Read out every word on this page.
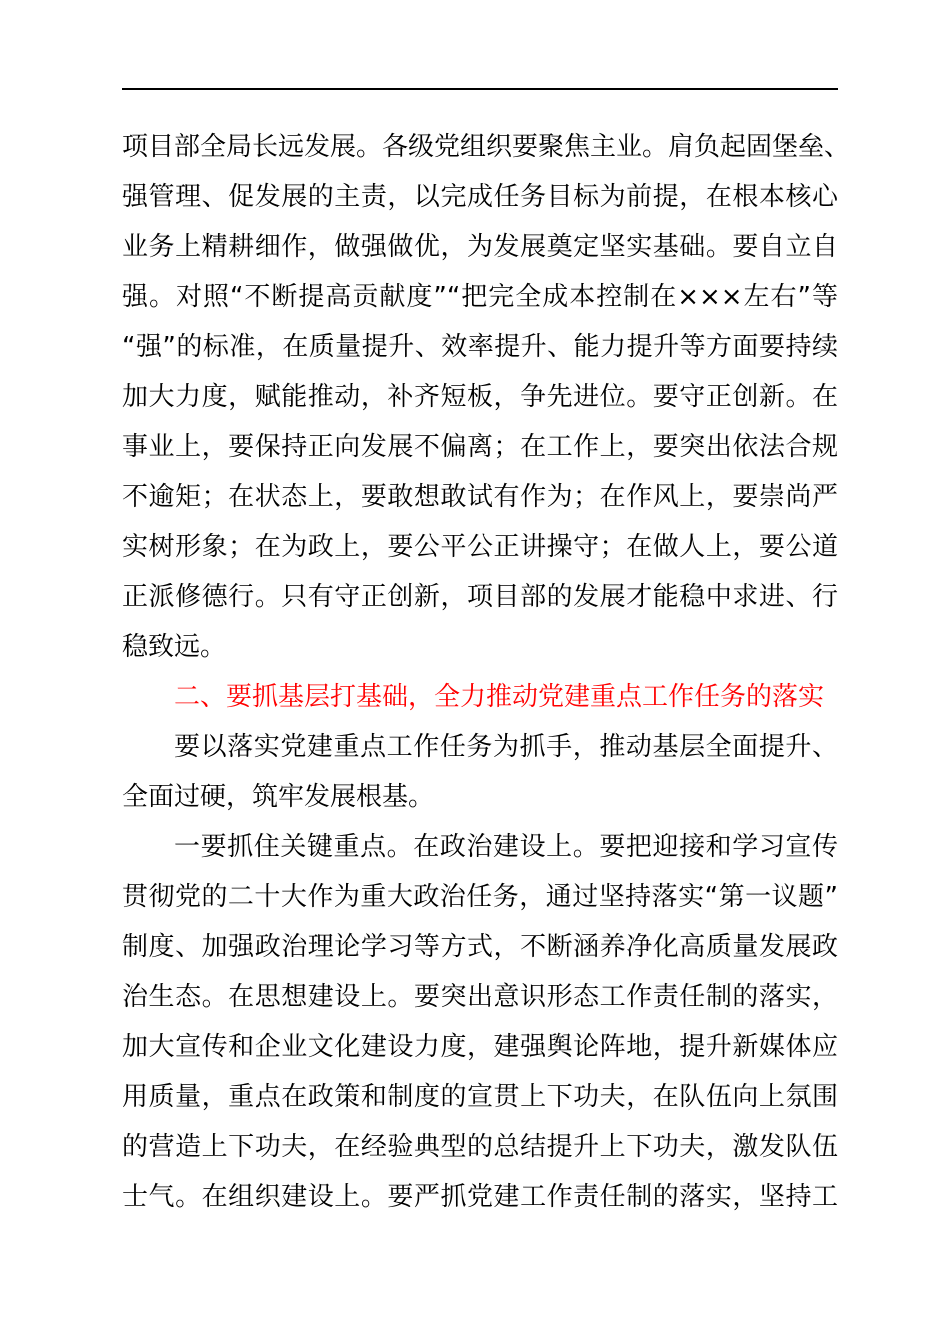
项目部全局长远发展。各级党组织要聚焦主业。肩负起固堡垒、
强管理、促发展的主责，以完成任务目标为前提，在根本核心
业务上精耕细作，做强做优，为发展奠定坚实基础。要自立自
强。对照“不断提高贡献度”“把完全成本控制在×××左右”等
“强”的标准，在质量提升、效率提升、能力提升等方面要持续
加大力度，赋能推动，补齐短板，争先进位。要守正创新。在
事业上，要保持正向发展不偏离；在工作上，要突出依法合规
不逾矩；在状态上，要敢想敢试有作为；在作风上，要崇尚严
实树形象；在为政上，要公平公正讲操守；在做人上，要公道
正派修德行。只有守正创新，项目部的发展才能稳中求进、行
稳致远。
二、要抓基层打基础，全力推动党建重点工作任务的落实
要以落实党建重点工作任务为抓手，推动基层全面提升、
全面过硬，筑牢发展根基。
一要抓住关键重点。在政治建设上。要把迎接和学习宣传
贯彻党的二十大作为重大政治任务，通过坚持落实“第一议题”
制度、加强政治理论学习等方式，不断涵养净化高质量发展政
治生态。在思想建设上。要突出意识形态工作责任制的落实，
加大宣传和企业文化建设力度，建强舆论阵地，提升新媒体应
用质量，重点在政策和制度的宣贯上下功夫，在队伍向上氛围
的营造上下功夫，在经验典型的总结提升上下功夫，激发队伍
士气。在组织建设上。要严抓党建工作责任制的落实，坚持工
